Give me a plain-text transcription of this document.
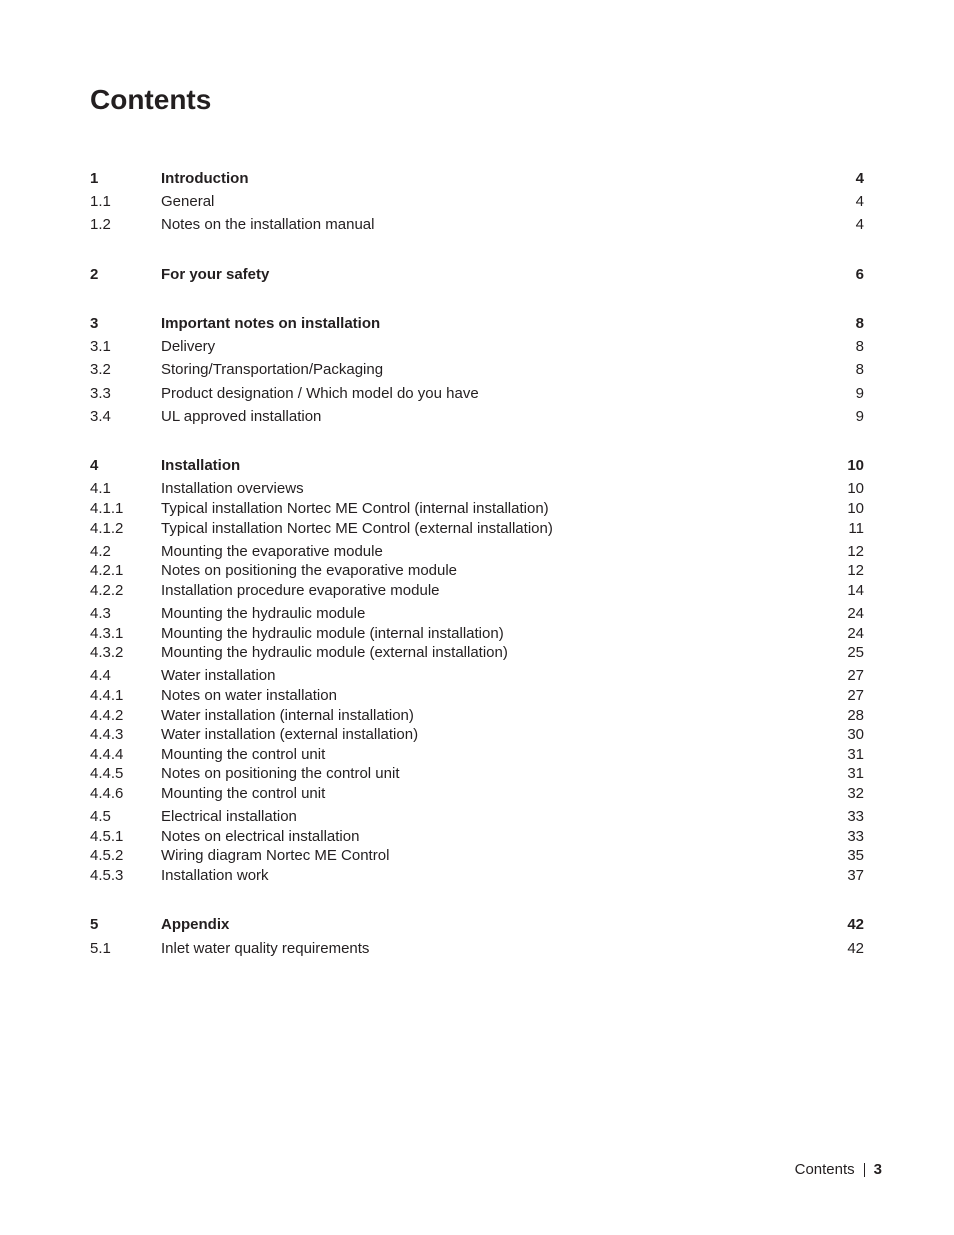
Contents
1	Introduction	4
1.1	General	4
1.2	Notes on the installation manual	4
2	For your safety	6
3	Important notes on installation	8
3.1	Delivery	8
3.2	Storing/Transportation/Packaging	8
3.3	Product designation / Which model do you have	9
3.4	UL approved installation	9
4	Installation	10
4.1	Installation overviews	10
4.1.1	Typical installation Nortec ME Control (internal installation)	10
4.1.2	Typical installation Nortec ME Control (external installation)	11
4.2	Mounting the evaporative module	12
4.2.1	Notes on positioning the evaporative module	12
4.2.2	Installation procedure evaporative module	14
4.3	Mounting the hydraulic module	24
4.3.1	Mounting the hydraulic module (internal installation)	24
4.3.2	Mounting the hydraulic module (external installation)	25
4.4	Water installation	27
4.4.1	Notes on water installation	27
4.4.2	Water installation (internal installation)	28
4.4.3	Water installation (external installation)	30
4.4.4	Mounting the control unit	31
4.4.5	Notes on positioning the control unit	31
4.4.6	Mounting the control unit	32
4.5	Electrical installation	33
4.5.1	Notes on electrical installation	33
4.5.2	Wiring diagram Nortec ME Control	35
4.5.3	Installation work	37
5	Appendix	42
5.1	Inlet water quality requirements	42
Contents 3
